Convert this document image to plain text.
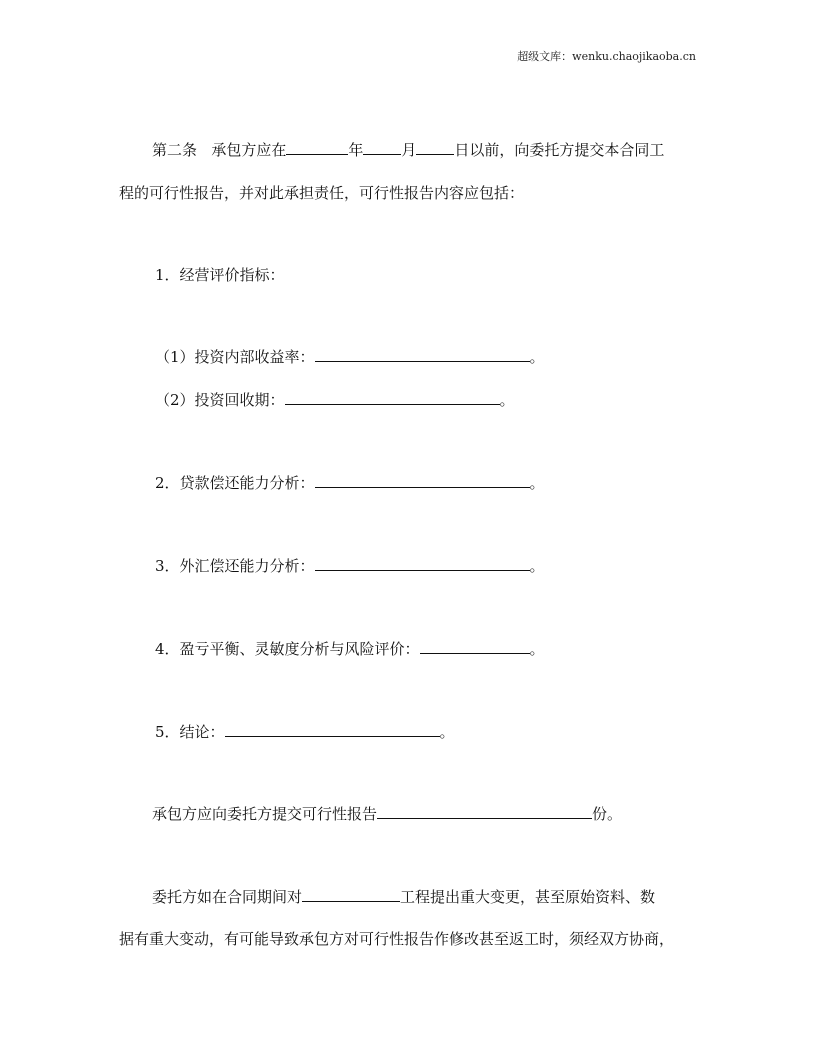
超级文库：wenku.chaojikaoba.cn
第二条 承包方应在	年	月	日以前，向委托方提交本合同工
程的可行性报告，并对此承担责任，可行性报告内容应包括：
1．经营评价指标：
（1）投资内部收益率：	。
（2）投资回收期：	。
2．贷款偿还能力分析：	。
3．外汇偿还能力分析：	。
4．盈亏平衡、灵敏度分析与风险评价：	。
5．结论：	。
承包方应向委托方提交可行性报告	份。
委托方如在合同期间对	工程提出重大变更，甚至原始资料、数
据有重大变动，有可能导致承包方对可行性报告作修改甚至返工时，须经双方协商，
